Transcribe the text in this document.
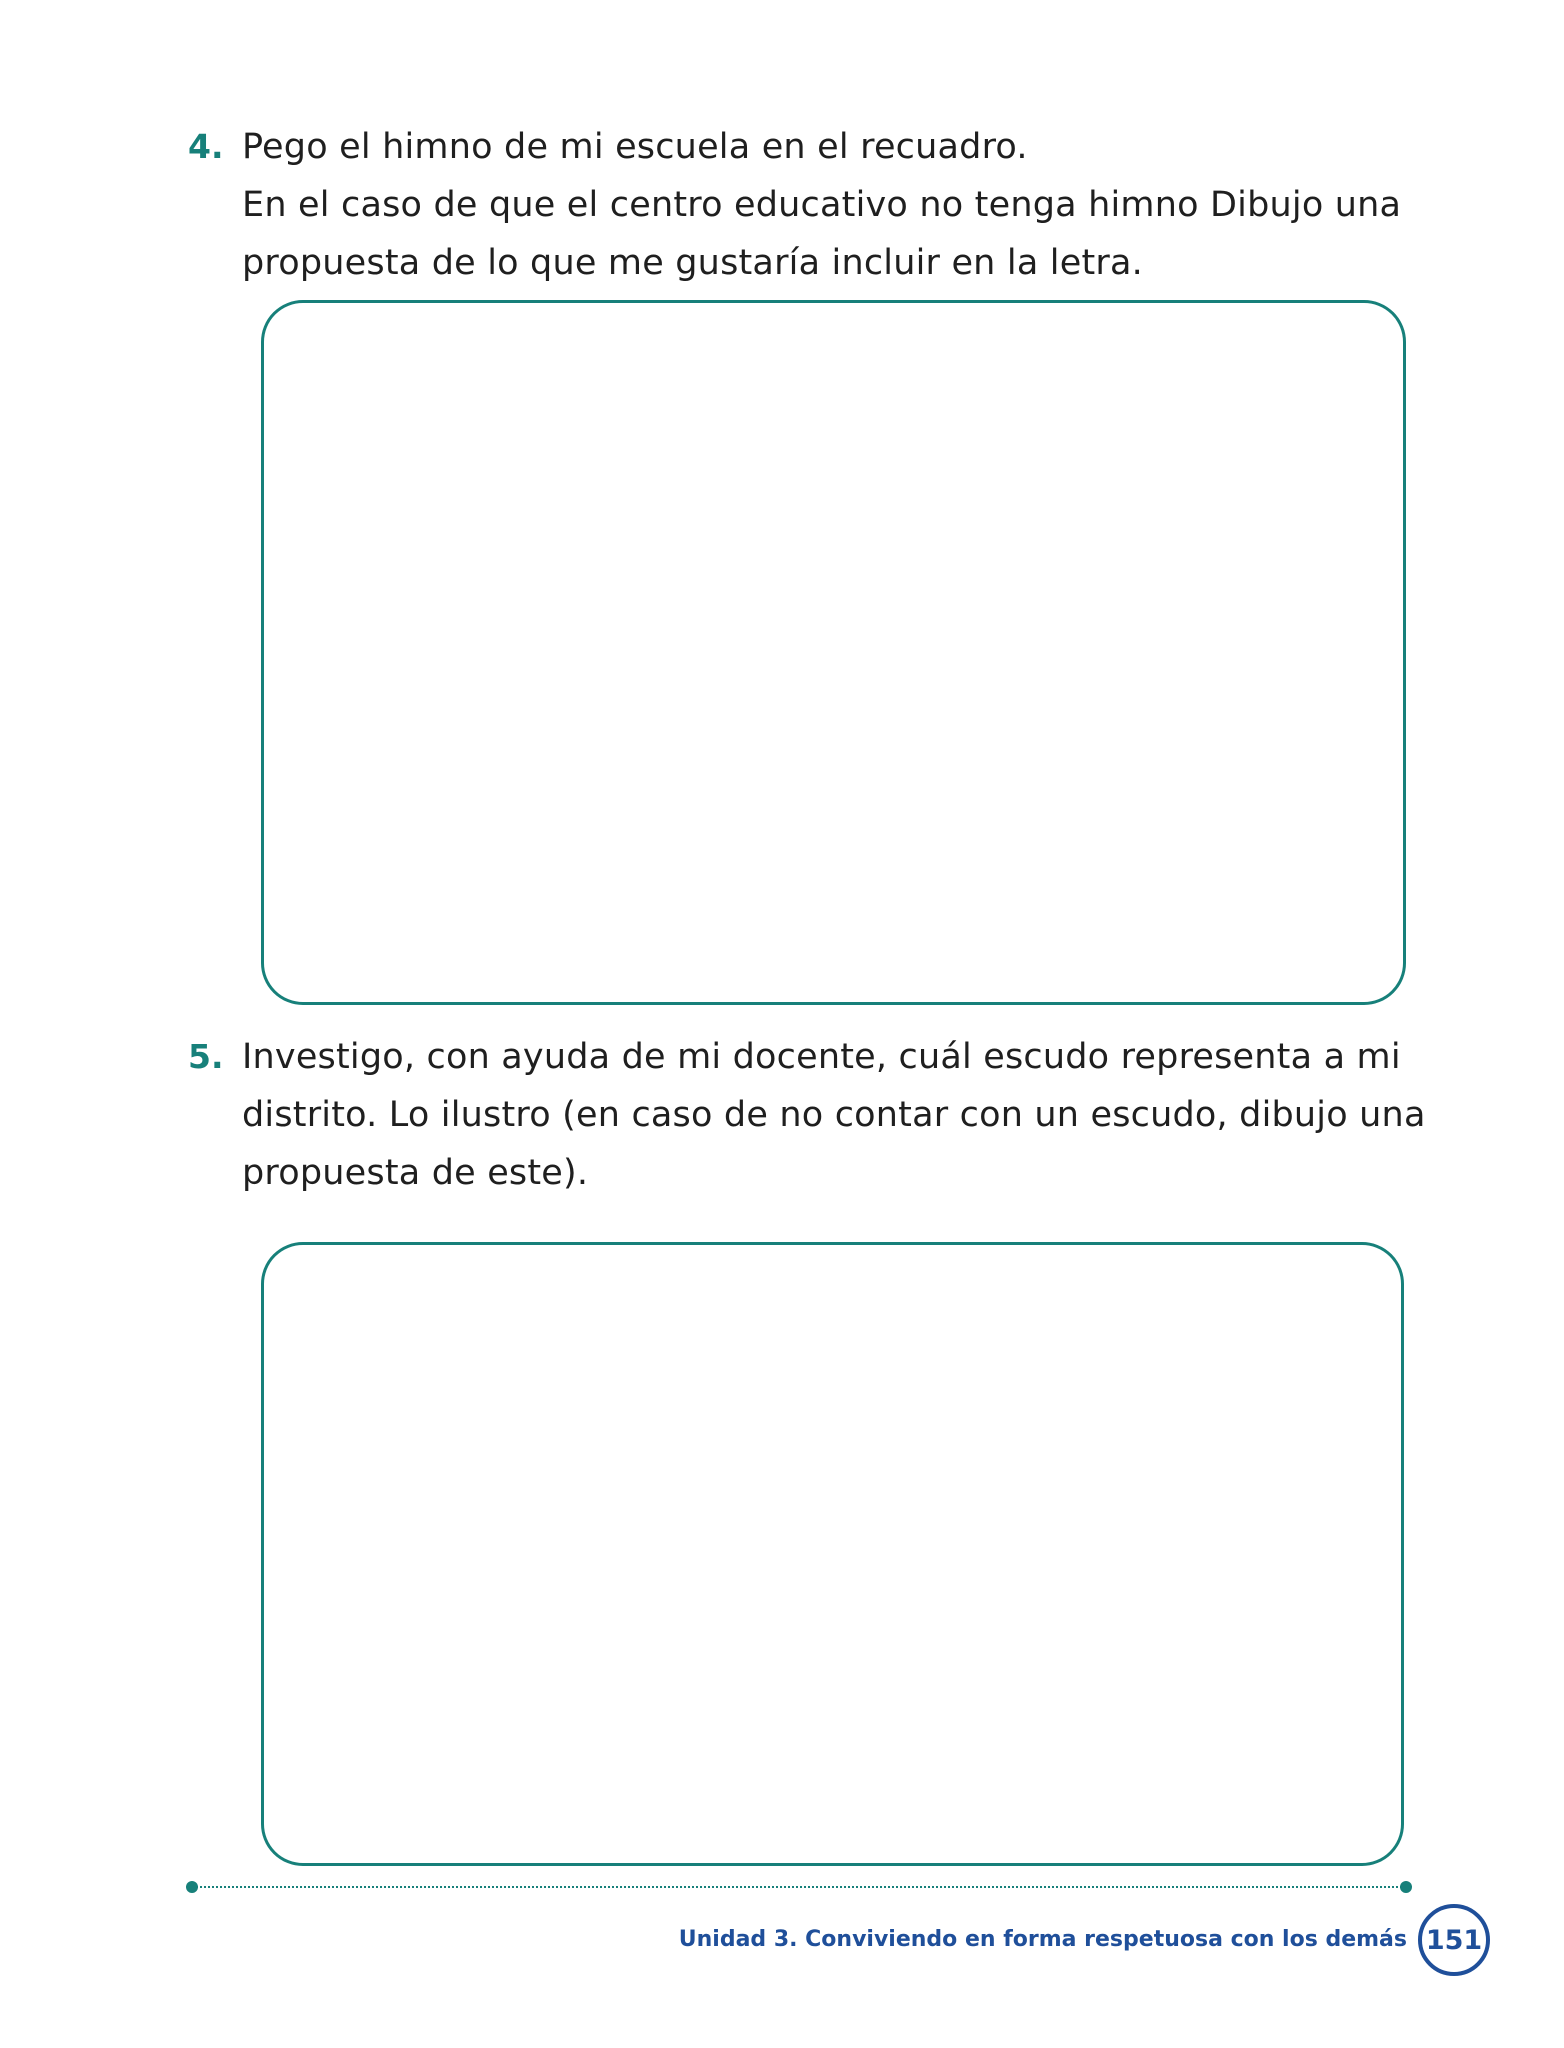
4. Pego el himno de mi escuela en el recuadro.

En el caso de que el centro educativo no tenga himno Dibujo una

propuesta de lo que me gustaría incluir en la letra.

5. Investigo, con ayuda de mi docente, cuál escudo representa a mi

distrito. Lo ilustro (en caso de no contar con un escudo, dibujo una

propuesta de este).

Unidad 3. Conviviendo en forma respetuosa con los demás 151
